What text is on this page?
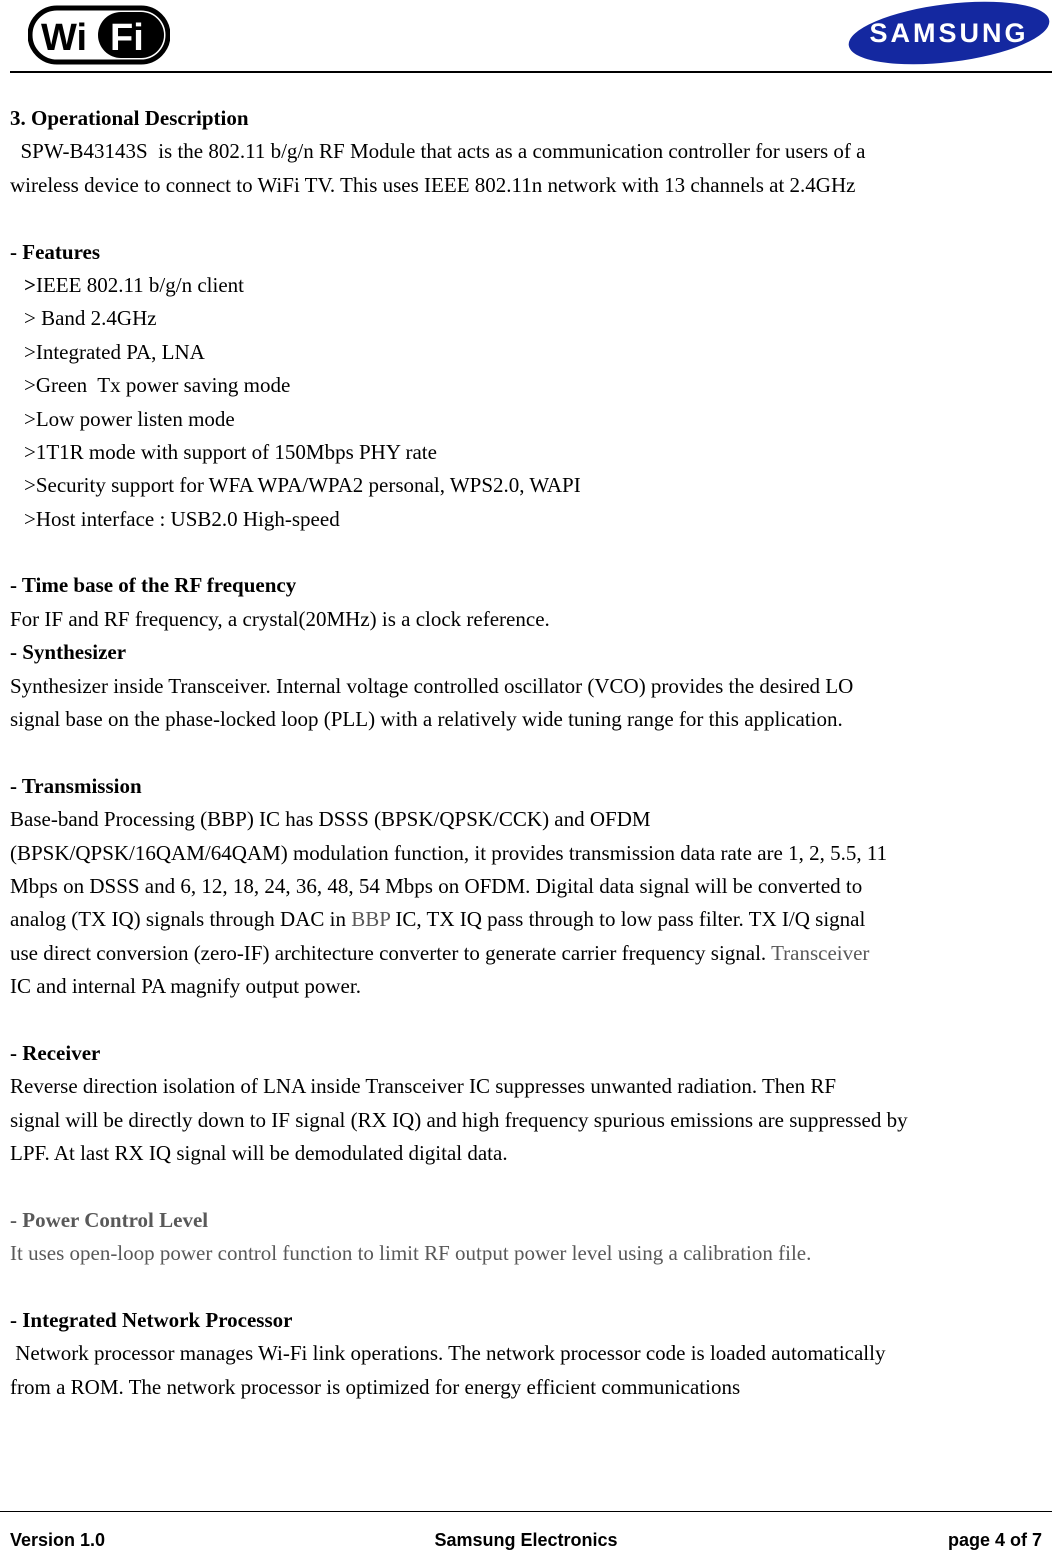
Wi Fi	SAMSUNG
3. Operational Description
SPW-B43143S  is the 802.11 b/g/n RF Module that acts as a communication controller for users of a
wireless device to connect to WiFi TV. This uses IEEE 802.11n network with 13 channels at 2.4GHz
- Features
>IEEE 802.11 b/g/n client
> Band 2.4GHz
>Integrated PA, LNA
>Green  Tx power saving mode
>Low power listen mode
>1T1R mode with support of 150Mbps PHY rate
>Security support for WFA WPA/WPA2 personal, WPS2.0, WAPI
>Host interface : USB2.0 High-speed
- Time base of the RF frequency
For IF and RF frequency, a crystal(20MHz) is a clock reference.
- Synthesizer
Synthesizer inside Transceiver. Internal voltage controlled oscillator (VCO) provides the desired LO
signal base on the phase-locked loop (PLL) with a relatively wide tuning range for this application.
- Transmission
Base-band Processing (BBP) IC has DSSS (BPSK/QPSK/CCK) and OFDM
(BPSK/QPSK/16QAM/64QAM) modulation function, it provides transmission data rate are 1, 2, 5.5, 11
Mbps on DSSS and 6, 12, 18, 24, 36, 48, 54 Mbps on OFDM. Digital data signal will be converted to
analog (TX IQ) signals through DAC in BBP IC, TX IQ pass through to low pass filter. TX I/Q signal
use direct conversion (zero-IF) architecture converter to generate carrier frequency signal. Transceiver
IC and internal PA magnify output power.
- Receiver
Reverse direction isolation of LNA inside Transceiver IC suppresses unwanted radiation. Then RF
signal will be directly down to IF signal (RX IQ) and high frequency spurious emissions are suppressed by
LPF. At last RX IQ signal will be demodulated digital data.
- Power Control Level
It uses open-loop power control function to limit RF output power level using a calibration file.
- Integrated Network Processor
Network processor manages Wi-Fi link operations. The network processor code is loaded automatically
from a ROM. The network processor is optimized for energy efficient communications
Version 1.0	Samsung Electronics	page 4 of 7
